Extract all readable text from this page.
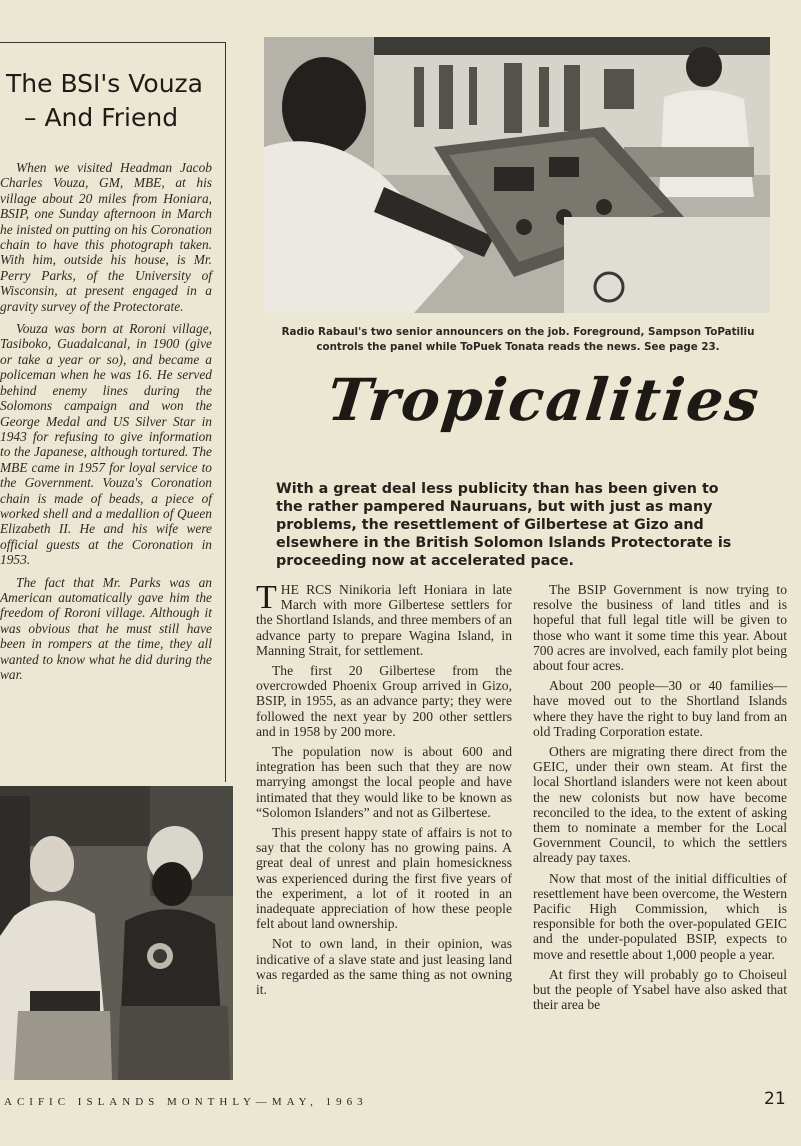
The BSI's Vouza
– And Friend

When we visited Headman Jacob Charles Vouza, GM, MBE, at his village about 20 miles from Honiara, BSIP, one Sunday afternoon in March he inisted on putting on his Coronation chain to have this photograph taken. With him, outside his house, is Mr. Perry Parks, of the University of Wisconsin, at present engaged in a gravity survey of the Protectorate.

Vouza was born at Roroni village, Tasiboko, Guadalcanal, in 1900 (give or take a year or so), and became a policeman when he was 16. He served behind enemy lines during the Solomons campaign and won the George Medal and US Silver Star in 1943 for refusing to give information to the Japanese, although tortured. The MBE came in 1957 for loyal service to the Government. Vouza's Coronation chain is made of beads, a piece of worked shell and a medallion of Queen Elizabeth II. He and his wife were official guests at the Coronation in 1953.

The fact that Mr. Parks was an American automatically gave him the freedom of Roroni village. Although it was obvious that he must still have been in rompers at the time, they all wanted to know what he did during the war.

Radio Rabaul's two senior announcers on the job. Foreground, Sampson ToPatiliu controls the panel while ToPuek Tonata reads the news. See page 23.
Tropicalities
With a great deal less publicity than has been given to the rather pampered Nauruans, but with just as many problems, the resettlement of Gilbertese at Gizo and elsewhere in the British Solomon Islands Protectorate is proceeding now at accelerated pace.

THE RCS Ninikoria left Honiara in late March with more Gilbertese settlers for the Shortland Islands, and three members of an advance party to prepare Wagina Island, in Manning Strait, for settlement.

The first 20 Gilbertese from the overcrowded Phoenix Group arrived in Gizo, BSIP, in 1955, as an advance party; they were followed the next year by 200 other settlers and in 1958 by 200 more.

The population now is about 600 and integration has been such that they are now marrying amongst the local people and have intimated that they would like to be known as “Solomon Islanders” and not as Gilbertese.

This present happy state of affairs is not to say that the colony has no growing pains. A great deal of unrest and plain homesickness was experienced during the first five years of the experiment, a lot of it rooted in an inadequate appreciation of how these people felt about land ownership.

Not to own land, in their opinion, was indicative of a slave state and just leasing land was regarded as the same thing as not owning it.

The BSIP Government is now trying to resolve the business of land titles and is hopeful that full legal title will be given to those who want it some time this year. About 700 acres are involved, each family plot being about four acres.

About 200 people—30 or 40 families—have moved out to the Shortland Islands where they have the right to buy land from an old Trading Corporation estate.

Others are migrating there direct from the GEIC, under their own steam. At first the local Shortland islanders were not keen about the new colonists but now have become reconciled to the idea, to the extent of asking them to nominate a member for the Local Government Council, to which the settlers already pay taxes.

Now that most of the initial difficulties of resettlement have been overcome, the Western Pacific High Commission, which is responsible for both the over-populated GEIC and the under-populated BSIP, expects to move and resettle about 1,000 people a year.

At first they will probably go to Choiseul but the people of Ysabel have also asked that their area be

ACIFIC ISLANDS MONTHLY—MAY, 1963	21
